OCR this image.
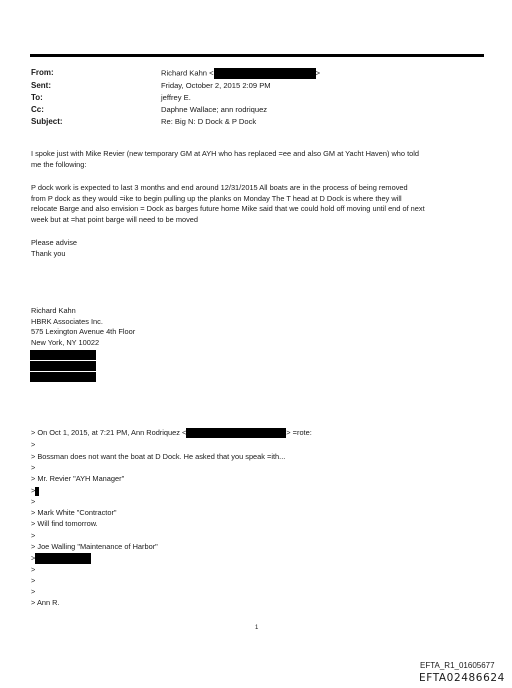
From:
Sent:
To:
Cc:
Subject:
Richard Kahn <	>
Friday, October 2, 2015 2:09 PM
jeffrey E.
Daphne Wallace; ann rodriquez
Re: Big N: D Dock & P Dock
I spoke just with Mike Revier (new temporary GM at AYH who has replaced =ee and also GM at Yacht Haven) who told
me the following:
P dock work is expected to last 3 months and end around 12/31/2015 All boats are in the process of being removed
from P dock as they would =ike to begin pulling up the planks on Monday The T head at D Dock is where they will
relocate Barge and also envision = Dock as barges future home Mike said that we could hold off moving until end of next
week but at =hat point barge will need to be moved
Please advise
Thank you
Richard Kahn
HBRK Associates Inc.
575 Lexington Avenue 4th Floor
New York, NY 10022
> On Oct 1, 2015, at 7:21 PM, Ann Rodriquez <	> =rote:
>
> Bossman does not want the boat at D Dock. He asked that you speak =ith...
>
> Mr. Revier "AYH Manager"
>
>
> Mark White "Contractor"
> Will find tomorrow.
>
> Joe Walling "Maintenance of Harbor"
>
>
>
>
> Ann R.
1
EFTA_R1_01605677
EFTA02486624
